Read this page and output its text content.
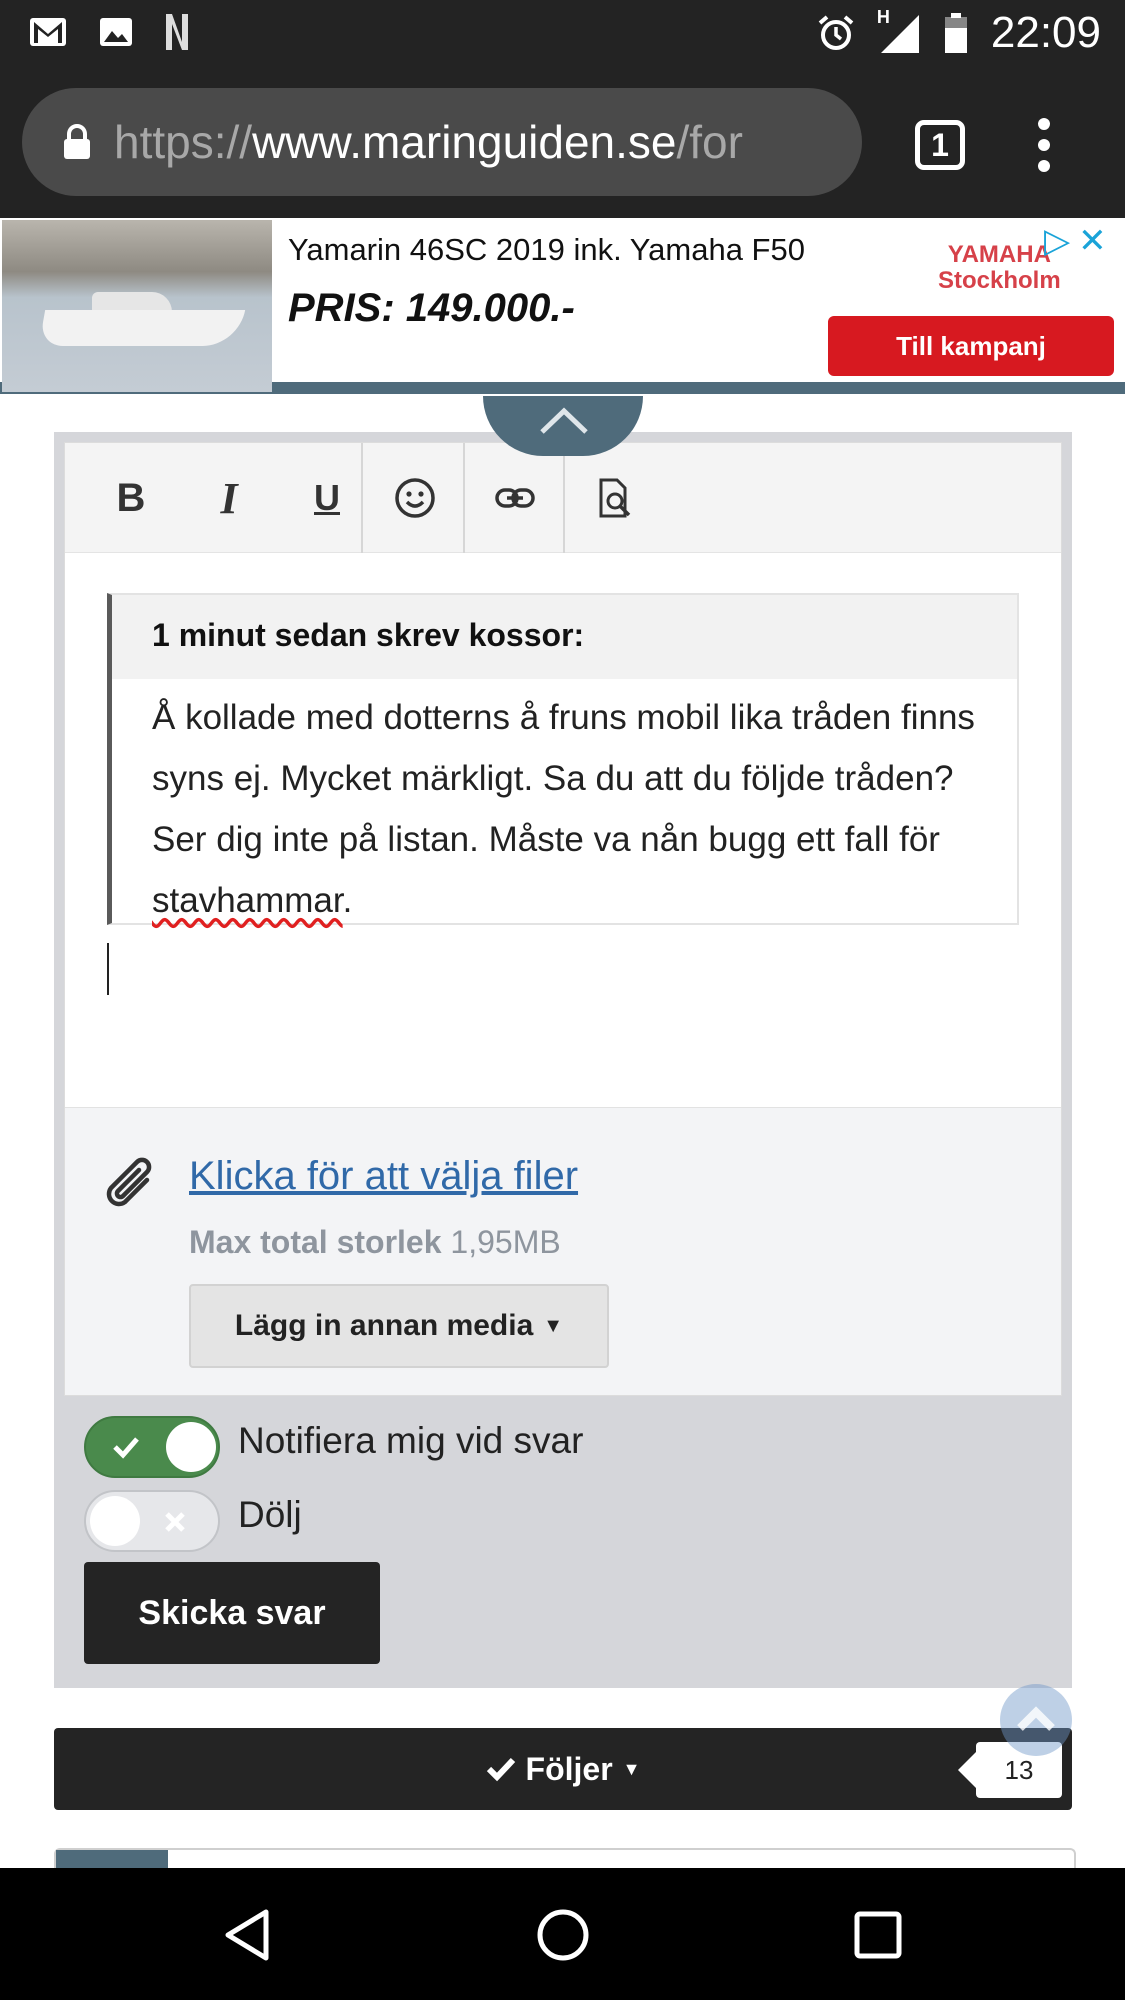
H 22:09
https://www.maringuiden.se/for	1
Yamarin 46SC 2019 ink. Yamaha F50
PRIS: 149.000.-
YAMAHA
Stockholm
▷ ✕
Till kampanj
B I U
1 minut sedan skrev kossor:
Å kollade med dotterns å fruns mobil lika tråden finns syns ej. Mycket märkligt. Sa du att du följde tråden? Ser dig inte på listan. Måste va nån bugg ett fall för stavhammar.
Klicka för att välja filer
Max total storlek 1,95MB
Lägg in annan media ▼
Notifiera mig vid svar
Dölj
Skicka svar
Följer ▼	13
